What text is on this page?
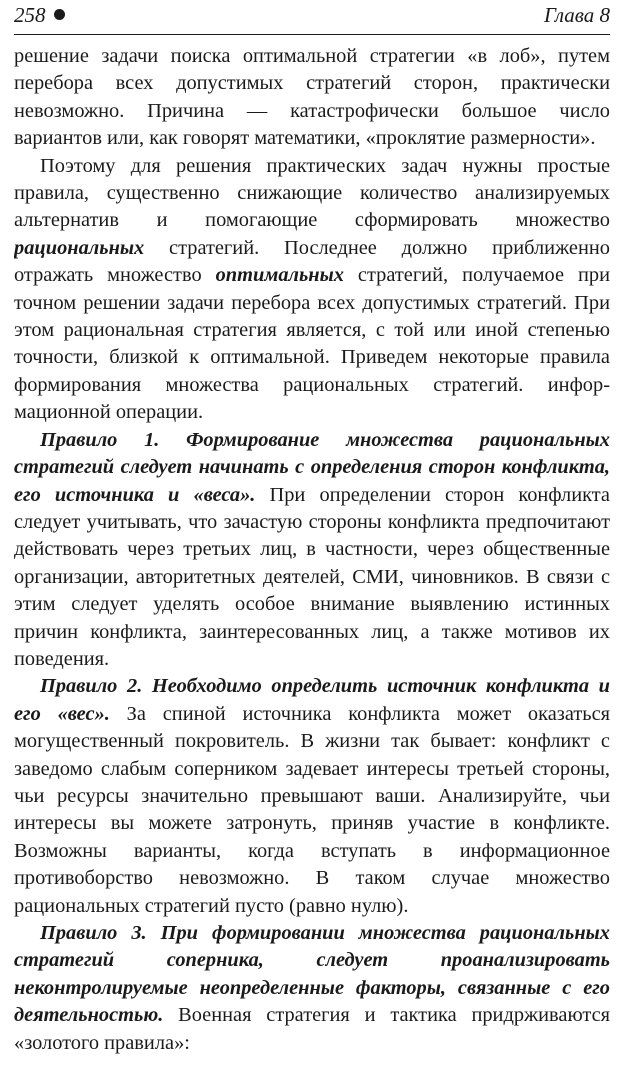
258	Глава 8

решение задачи поиска оптимальной стратегии «в лоб», путем перебора всех допустимых стратегий сторон, практически невозможно. Причина — катастрофически большое число вариантов или, как говорят математики, «проклятие размерности».

Поэтому для решения практических задач нужны простые правила, существенно снижающие количество анализируемых альтернатив и помогающие сформировать множество рациональных стратегий. Последнее должно приближенно отражать множество оптимальных стратегий, получаемое при точном решении задачи перебора всех допустимых стратегий. При этом рациональная стратегия является, с той или иной степенью точности, близкой к оптимальной. Приведем некоторые правила формирования множества рациональных стратегий. информационной операции.

Правило 1. Формирование множества рациональных стратегий следует начинать с определения сторон конфликта, его источника и «веса». При определении сторон конфликта следует учитывать, что зачастую стороны конфликта предпочитают действовать через третьих лиц, в частности, через общественные организации, авторитетных деятелей, СМИ, чиновников. В связи с этим следует уделять особое внимание выявлению истинных причин конфликта, заинтересованных лиц, а также мотивов их поведения.

Правило 2. Необходимо определить источник конфликта и его «вес». За спиной источника конфликта может оказаться могущественный покровитель. В жизни так бывает: конфликт с заведомо слабым соперником задевает интересы третьей стороны, чьи ресурсы значительно превышают ваши. Анализируйте, чьи интересы вы можете затронуть, приняв участие в конфликте. Возможны варианты, когда вступать в информационное противоборство невозможно. В таком случае множество рациональных стратегий пусто (равно нулю).

Правило 3. При формировании множества рациональных стратегий соперника, следует проанализировать неконтролируемые неопределенные факторы, связанные с его деятельностью. Военная стратегия и тактика придрживаются «золотого правила»:
